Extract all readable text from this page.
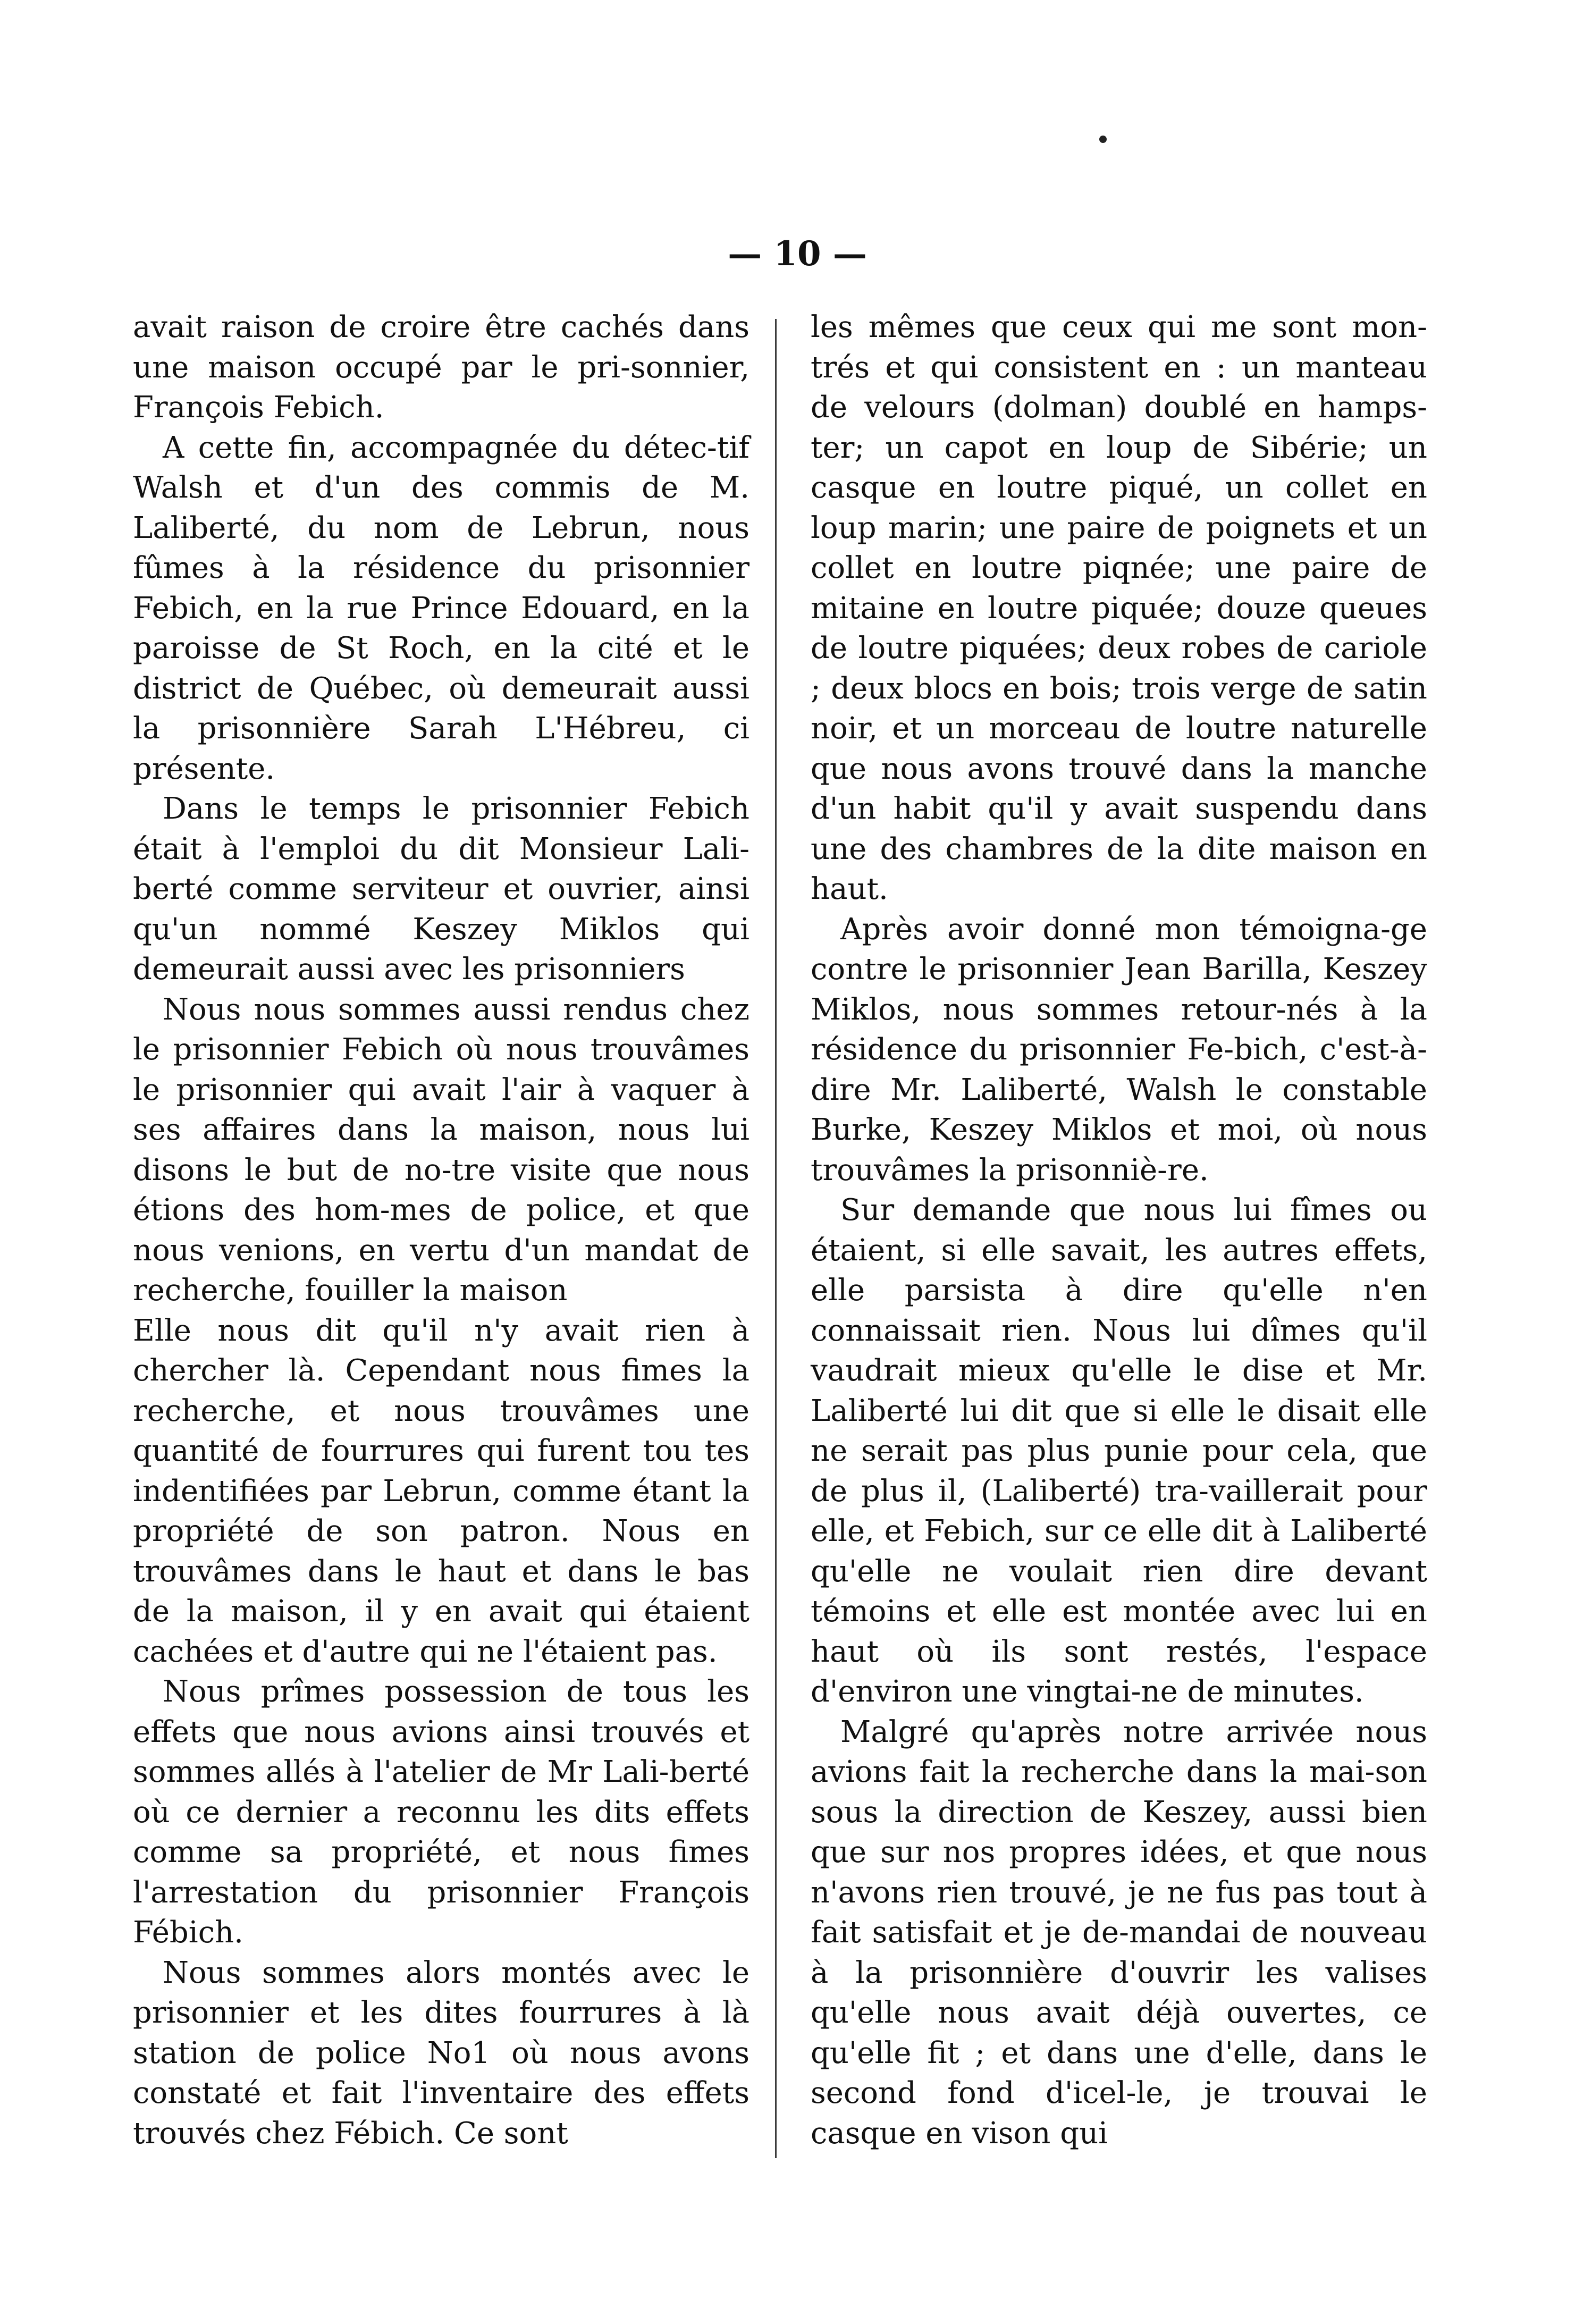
— 10 —

avait raison de croire être cachés dans une maison occupé par le pri-sonnier, François Febich.

A cette fin, accompagnée du détec-tif Walsh et d'un des commis de M. Laliberté, du nom de Lebrun, nous fûmes à la résidence du prisonnier Febich, en la rue Prince Edouard, en la paroisse de St Roch, en la cité et le district de Québec, où demeurait aussi la prisonnière Sarah L'Hébreu, ci présente.

Dans le temps le prisonnier Febich était à l'emploi du dit Monsieur Lali-berté comme serviteur et ouvrier, ainsi qu'un nommé Keszey Miklos qui demeurait aussi avec les prisonniers

Nous nous sommes aussi rendus chez le prisonnier Febich où nous trouvâmes le prisonnier qui avait l'air à vaquer à ses affaires dans la maison, nous lui disons le but de no-tre visite que nous étions des hom-mes de police, et que nous venions, en vertu d'un mandat de recherche, fouiller la maison

Elle nous dit qu'il n'y avait rien à chercher là. Cependant nous fimes la recherche, et nous trouvâmes une quantité de fourrures qui furent tou tes indentifiées par Lebrun, comme étant la propriété de son patron. Nous en trouvâmes dans le haut et dans le bas de la maison, il y en avait qui étaient cachées et d'autre qui ne l'étaient pas.

Nous prîmes possession de tous les effets que nous avions ainsi trouvés et sommes allés à l'atelier de Mr Lali-berté où ce dernier a reconnu les dits effets comme sa propriété, et nous fimes l'arrestation du prisonnier François Fébich.

Nous sommes alors montés avec le prisonnier et les dites fourrures à là station de police No1 où nous avons constaté et fait l'inventaire des effets trouvés chez Fébich. Ce sont

les mêmes que ceux qui me sont mon-trés et qui consistent en : un manteau de velours (dolman) doublé en hamps-ter; un capot en loup de Sibérie; un casque en loutre piqué, un collet en loup marin; une paire de poignets et un collet en loutre piqnée; une paire de mitaine en loutre piquée; douze queues de loutre piquées; deux robes de cariole ; deux blocs en bois; trois verge de satin noir, et un morceau de loutre naturelle que nous avons trouvé dans la manche d'un habit qu'il y avait suspendu dans une des chambres de la dite maison en haut.

Après avoir donné mon témoigna-ge contre le prisonnier Jean Barilla, Keszey Miklos, nous sommes retour-nés à la résidence du prisonnier Fe-bich, c'est-à-dire Mr. Laliberté, Walsh le constable Burke, Keszey Miklos et moi, où nous trouvâmes la prisonniè-re.

Sur demande que nous lui fîmes ou étaient, si elle savait, les autres effets, elle parsista à dire qu'elle n'en connaissait rien. Nous lui dîmes qu'il vaudrait mieux qu'elle le dise et Mr. Laliberté lui dit que si elle le disait elle ne serait pas plus punie pour cela, que de plus il, (Laliberté) tra-vaillerait pour elle, et Febich, sur ce elle dit à Laliberté qu'elle ne voulait rien dire devant témoins et elle est montée avec lui en haut où ils sont restés, l'espace d'environ une vingtai-ne de minutes.

Malgré qu'après notre arrivée nous avions fait la recherche dans la mai-son sous la direction de Keszey, aussi bien que sur nos propres idées, et que nous n'avons rien trouvé, je ne fus pas tout à fait satisfait et je de-mandai de nouveau à la prisonnière d'ouvrir les valises qu'elle nous avait déjà ouvertes, ce qu'elle fit ; et dans une d'elle, dans le second fond d'icel-le, je trouvai le casque en vison qui
